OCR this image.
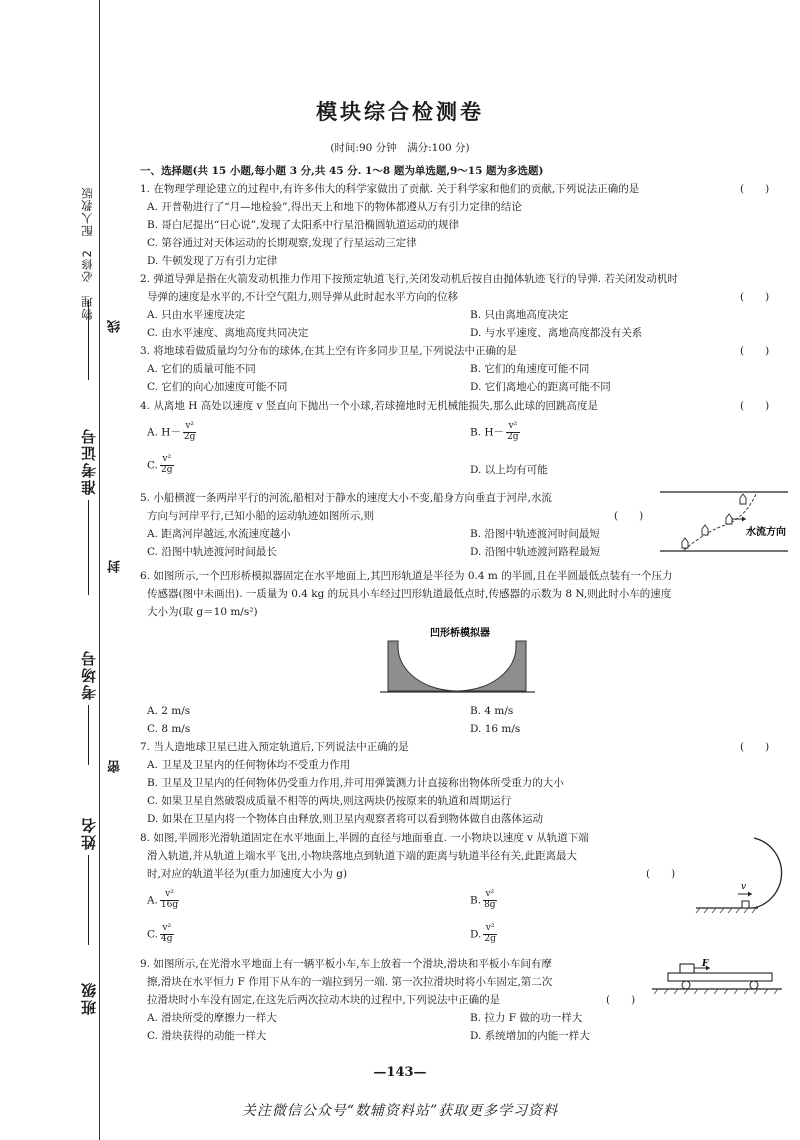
物理　必修2　配人教版
线
准考证号
封
考场号
密
姓名
班级
模块综合检测卷
(时间:90 分钟　满分:100 分)
一、选择题(共 15 小题,每小题 3 分,共 45 分. 1～8 题为单选题,9～15 题为多选题)
1. 在物理学理论建立的过程中,有许多伟大的科学家做出了贡献. 关于科学家和他们的贡献,下列说法正确的是	(　　)
A. 开普勒进行了“月—地检验”,得出天上和地下的物体都遵从万有引力定律的结论
B. 哥白尼提出“日心说”,发现了太阳系中行星沿椭圆轨道运动的规律
C. 第谷通过对天体运动的长期观察,发现了行星运动三定律
D. 牛顿发现了万有引力定律
2. 弹道导弹是指在火箭发动机推力作用下按预定轨道飞行,关闭发动机后按自由抛体轨迹飞行的导弹. 若关闭发动机时
导弹的速度是水平的,不计空气阻力,则导弹从此时起水平方向的位移	(　　)
A. 只由水平速度决定	B. 只由离地高度决定
C. 由水平速度、离地高度共同决定	D. 与水平速度、离地高度都没有关系
3. 将地球看做质量均匀分布的球体,在其上空有许多同步卫星,下列说法中正确的是	(　　)
A. 它们的质量可能不同	B. 它们的角速度可能不同
C. 它们的向心加速度可能不同	D. 它们离地心的距离可能不同
4. 从离地 H 高处以速度 v 竖直向下抛出一个小球,若球撞地时无机械能损失,那么此球的回跳高度是	(　　)
A. $H- \frac{\text{v²}}{2g}$	B. $H- \frac{\text{v²}}{2g}$
C. $\frac{\text{v²}}{2g}$	D. 以上均有可能
5. 小船横渡一条两岸平行的河流,船相对于静水的速度大小不变,船身方向垂直于河岸,水流
方向与河岸平行,已知小船的运动轨迹如图所示,则	(　　)
A. 距离河岸越远,水流速度越小	B. 沿图中轨迹渡河时间最短
C. 沿图中轨迹渡河时间最长	D. 沿图中轨迹渡河路程最短
水流方向
6. 如图所示,一个凹形桥模拟器固定在水平地面上,其凹形轨道是半径为 0.4 m 的半圆,且在半圆最低点装有一个压力
传感器(图中未画出). 一质量为 0.4 kg 的玩具小车经过凹形轨道最低点时,传感器的示数为 8 N,则此时小车的速度
大小为(取 g＝10 m/s²)
凹形桥模拟器
A. 2 m/s	B. 4 m/s
C. 8 m/s	D. 16 m/s
7. 当人造地球卫星已进入预定轨道后,下列说法中正确的是	(　　)
A. 卫星及卫星内的任何物体均不受重力作用
B. 卫星及卫星内的任何物体仍受重力作用,并可用弹簧测力计直接称出物体所受重力的大小
C. 如果卫星自然破裂成质量不相等的两块,则这两块仍按原来的轨道和周期运行
D. 如果在卫星内将一个物体自由释放,则卫星内观察者将可以看到物体做自由落体运动
8. 如图,半圆形光滑轨道固定在水平地面上,半圆的直径与地面垂直. 一小物块以速度 v 从轨道下端
滑入轨道,并从轨道上端水平飞出,小物块落地点到轨道下端的距离与轨道半径有关,此距离最大
时,对应的轨道半径为(重力加速度大小为 g)	(　　)
A. $\frac{\text{v²}}{16g}$	B. $\frac{\text{v²}}{8g}$
C. $\frac{\text{v²}}{4g}$	D. $\frac{\text{v²}}{2g}$
v
9. 如图所示,在光滑水平地面上有一辆平板小车,车上放着一个滑块,滑块和平板小车间有摩
擦,滑块在水平恒力 F 作用下从车的一端拉到另一端. 第一次拉滑块时将小车固定,第二次
拉滑块时小车没有固定,在这先后两次拉动木块的过程中,下列说法中正确的是	(　　)
A. 滑块所受的摩擦力一样大	B. 拉力 F 做的功一样大
C. 滑块获得的动能一样大	D. 系统增加的内能一样大
F
—143—
关注微信公众号“数辅资料站”获取更多学习资料
